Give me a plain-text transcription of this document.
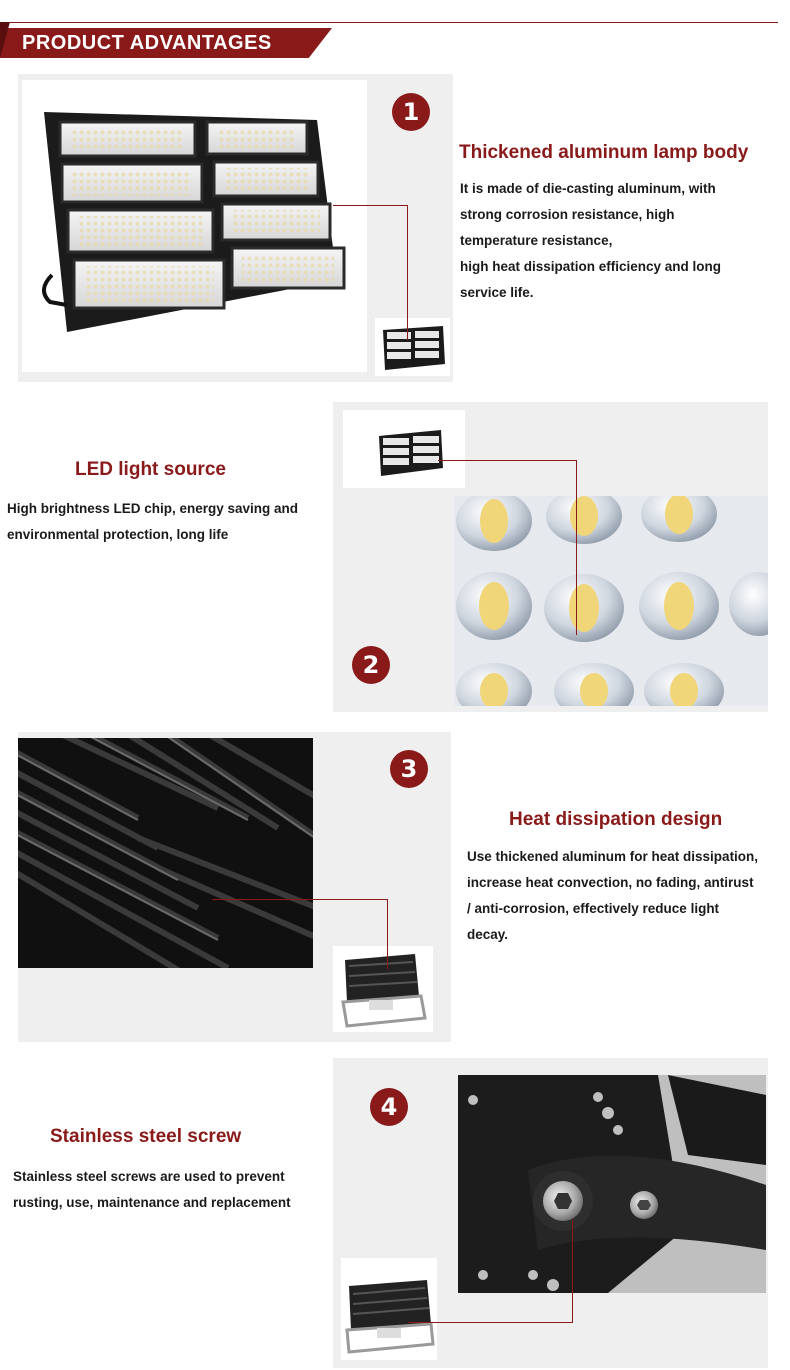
PRODUCT ADVANTAGES
1
Thickened aluminum lamp body
It is made of die-casting aluminum, with
strong corrosion resistance, high
temperature resistance,
high heat dissipation efficiency and long
service life.
2
LED light source
High brightness LED chip, energy saving and
environmental protection, long life
3
Heat dissipation design
Use thickened aluminum for heat dissipation,
increase heat convection, no fading, antirust
/ anti-corrosion, effectively reduce light
decay.
4
Stainless steel screw
Stainless steel screws are used to prevent
rusting, use, maintenance and replacement
